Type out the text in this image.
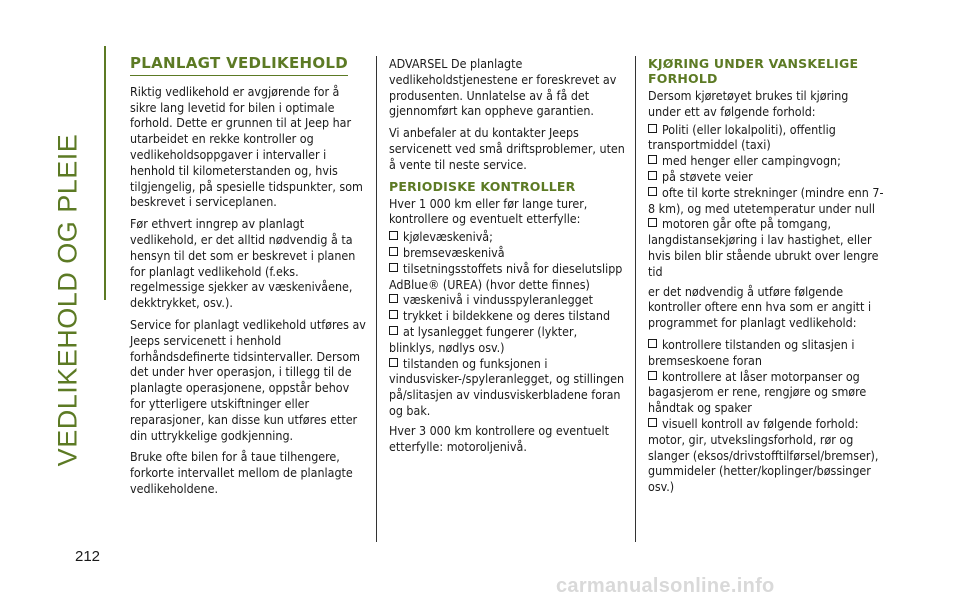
VEDLIKEHOLD OG PLEIE
212
PLANLAGT VEDLIKEHOLD

Riktig vedlikehold er avgjørende for å sikre lang levetid for bilen i optimale forhold. Dette er grunnen til at Jeep har utarbeidet en rekke kontroller og vedlikeholdsoppgaver i intervaller i henhold til kilometerstanden og, hvis tilgjengelig, på spesielle tidspunkter, som beskrevet i serviceplanen.

Før ethvert inngrep av planlagt vedlikehold, er det alltid nødvendig å ta hensyn til det som er beskrevet i planen for planlagt vedlikehold (f.eks. regelmessige sjekker av væskenivåene, dekktrykket, osv.).

Service for planlagt vedlikehold utføres av Jeeps servicenett i henhold forhåndsdefinerte tidsintervaller. Dersom det under hver operasjon, i tillegg til de planlagte operasjonene, oppstår behov for ytterligere utskiftninger eller reparasjoner, kan disse kun utføres etter din uttrykkelige godkjenning.

Bruke ofte bilen for å taue tilhengere, forkorte intervallet mellom de planlagte vedlikeholdene.

ADVARSEL De planlagte vedlikeholdstjenestene er foreskrevet av produsenten. Unnlatelse av å få det gjennomført kan oppheve garantien.

Vi anbefaler at du kontakter Jeeps servicenett ved små driftsproblemer, uten å vente til neste service.

PERIODISKE KONTROLLER

Hver 1 000 km eller før lange turer, kontrollere og eventuelt etterfylle:

kjølevæskenivå;
bremsevæskenivå
tilsetningsstoffets nivå for dieselutslipp AdBlue® (UREA) (hvor dette finnes)
væskenivå i vindusspyleranlegget
trykket i bildekkene og deres tilstand
at lysanlegget fungerer (lykter, blinklys, nødlys osv.)
tilstanden og funksjonen i vindusvisker-/spyleranlegget, og stillingen på/slitasjen av vindusviskerbladene foran og bak.

Hver 3 000 km kontrollere og eventuelt etterfylle: motoroljenivå.

KJØRING UNDER VANSKELIGE FORHOLD

Dersom kjøretøyet brukes til kjøring under ett av følgende forhold:

Politi (eller lokalpoliti), offentlig transportmiddel (taxi)
med henger eller campingvogn;
på støvete veier
ofte til korte strekninger (mindre enn 7-8 km), og med utetemperatur under null
motoren går ofte på tomgang, langdistansekjøring i lav hastighet, eller hvis bilen blir stående ubrukt over lengre tid

er det nødvendig å utføre følgende kontroller oftere enn hva som er angitt i programmet for planlagt vedlikehold:

kontrollere tilstanden og slitasjen i bremseskoene foran
kontrollere at låser motorpanser og bagasjerom er rene, rengjøre og smøre håndtak og spaker
visuell kontroll av følgende forhold: motor, gir, utvekslingsforhold, rør og slanger (eksos/drivstofftilførsel/bremser), gummideler (hetter/koplinger/bøssinger osv.)
carmanualsonline.info
